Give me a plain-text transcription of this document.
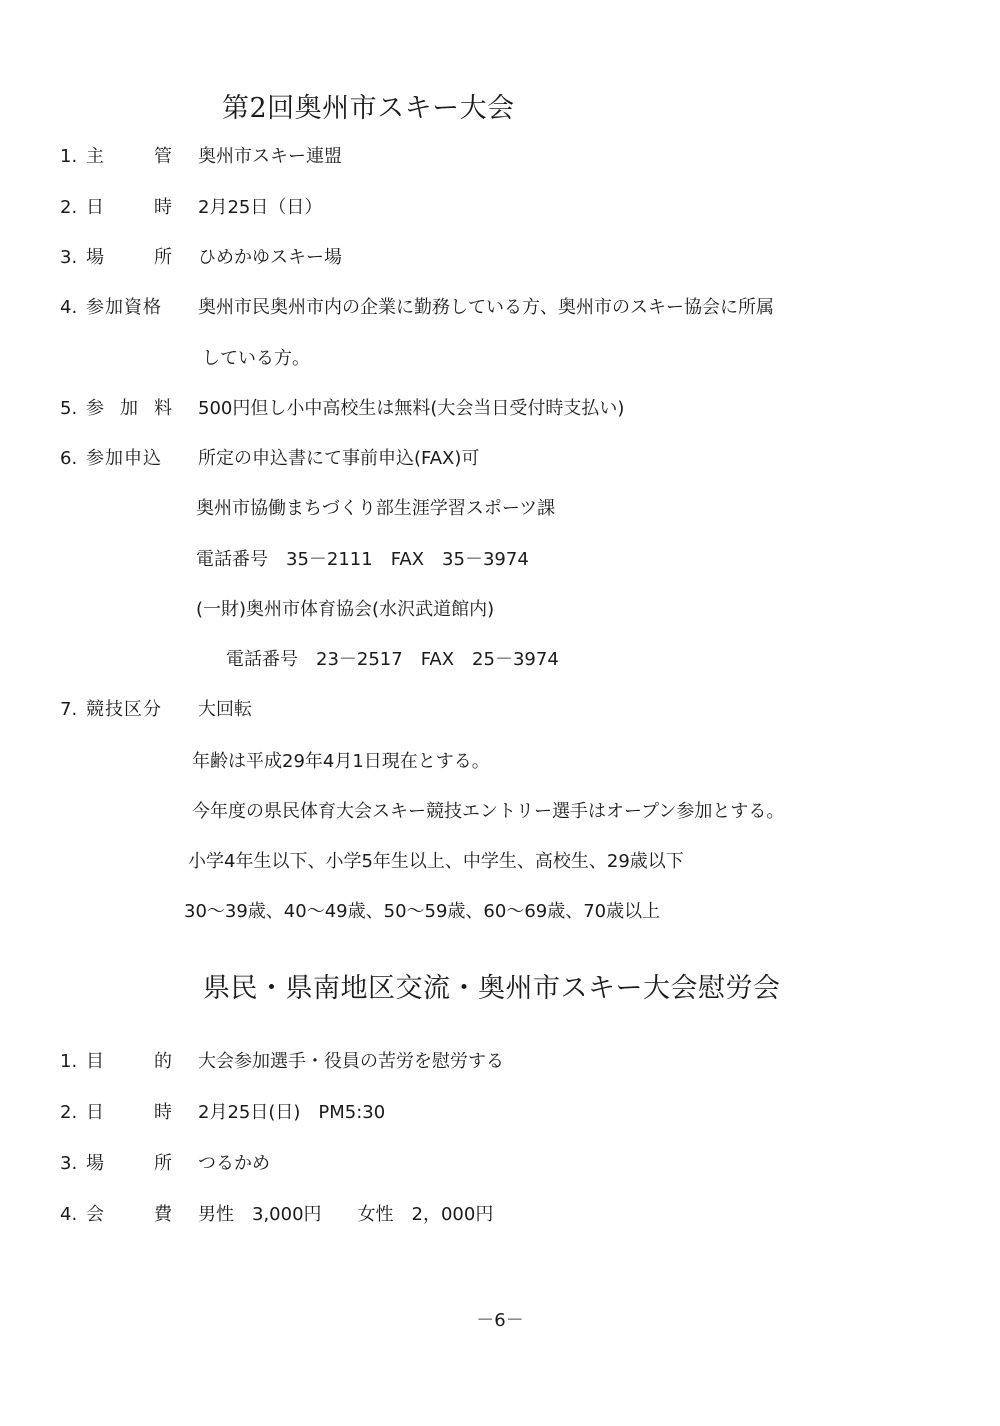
第2回奥州市スキー大会
1. 主	管 奥州市スキー連盟
2. 日	時 2月25日（日）
3. 場	所 ひめかゆスキー場
4. 参加資格	奥州市民奥州市内の企業に勤務している方、奥州市のスキー協会に所属
している方。
5. 参 加 料 500円但し小中高校生は無料(大会当日受付時支払い)
6. 参加申込	所定の申込書にて事前申込(FAX)可
奥州市協働まちづくり部生涯学習スポーツ課
電話番号　35－2111　FAX　35－3974
(一財)奥州市体育協会(水沢武道館内)
電話番号　23－2517　FAX　25－3974
7. 競技区分	大回転
年齢は平成29年4月1日現在とする。
今年度の県民体育大会スキー競技エントリー選手はオープン参加とする。
小学4年生以下、小学5年生以上、中学生、高校生、29歳以下
30～39歳、40～49歳、50～59歳、60～69歳、70歳以上
県民・県南地区交流・奥州市スキー大会慰労会
1. 目	的 大会参加選手・役員の苦労を慰労する
2. 日	時 2月25日(日)　PM5:30
3. 場	所 つるかめ
4. 会	費 男性　3,000円　　女性　2，000円
－6－
